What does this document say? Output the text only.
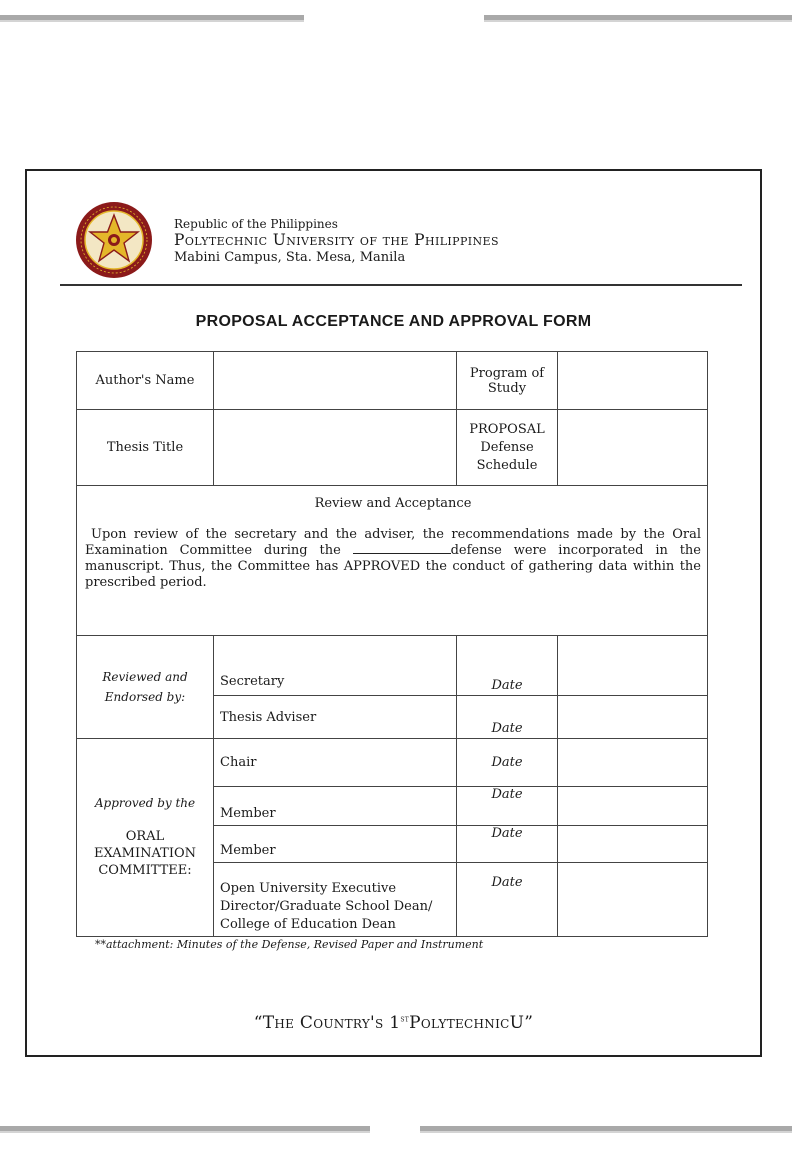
Republic of the Philippines
Polytechnic University of the Philippines
Mabini Campus, Sta. Mesa, Manila
PROPOSAL ACCEPTANCE AND APPROVAL FORM
Author's Name		Program of Study	
Thesis Title		PROPOSAL
Defense
Schedule	

Review and Acceptance
Upon review of the secretary and the adviser, the recommendations made by the Oral Examination Committee during the defense were incorporated in the manuscript. Thus, the Committee has APPROVED the conduct of gathering data within the prescribed period.			

Reviewed and
Endorsed by:	Secretary	Date	
	Thesis Adviser	Date	

Approved by the
ORAL
EXAMINATION
COMMITTEE:	Chair	Date	
	Member	Date	
	Member	Date	
	Open University Executive
Director/Graduate School Dean/
College of Education Dean	Date	
**attachment: Minutes of the Defense, Revised Paper and Instrument
“The Country's 1stPolytechnicU”
